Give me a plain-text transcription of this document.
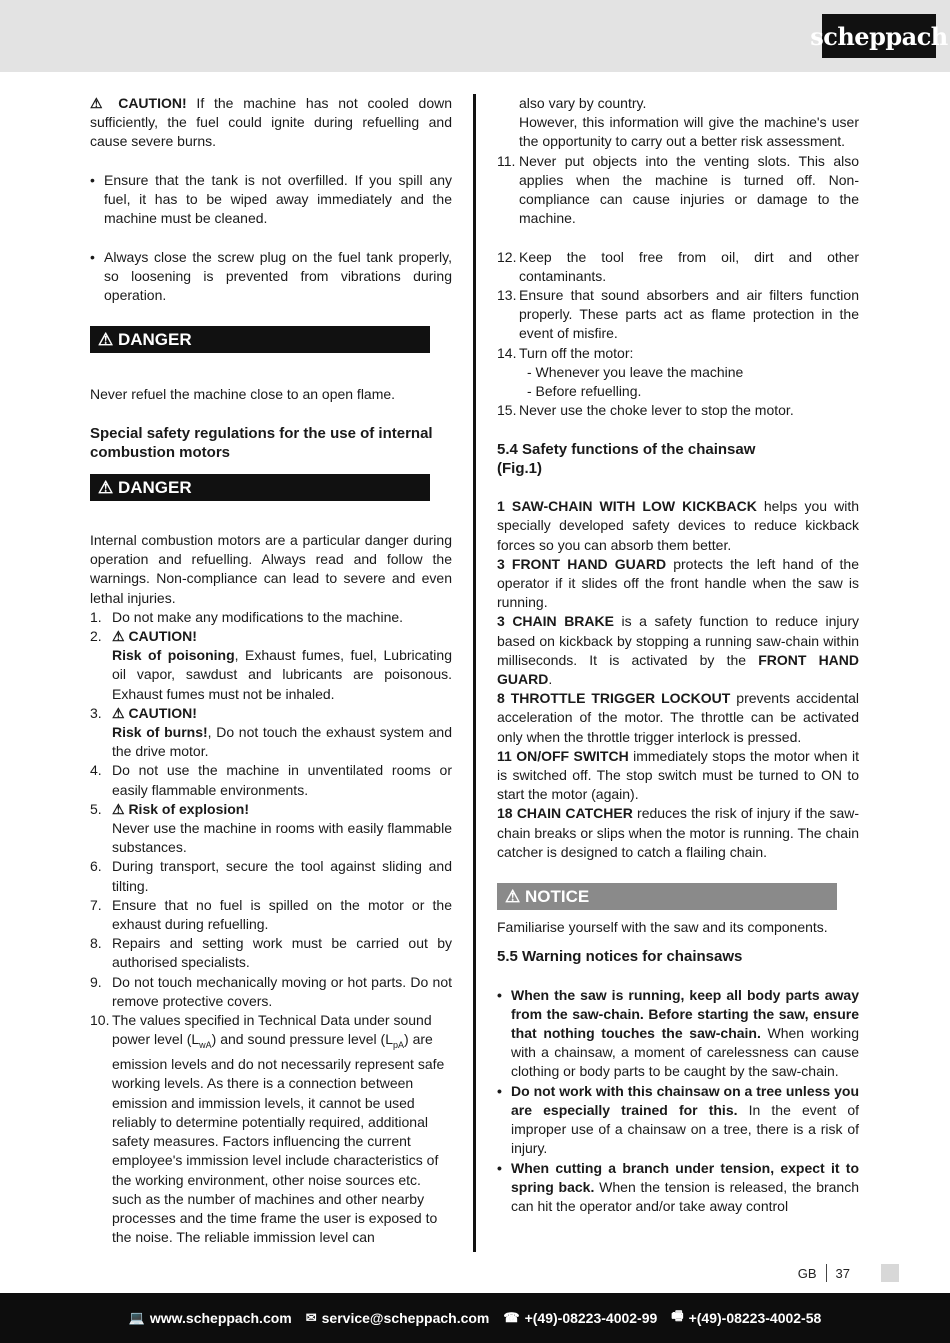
scheppach

⚠ CAUTION! If the machine has not cooled down sufficiently, the fuel could ignite during refuelling and cause severe burns.

• Ensure that the tank is not overfilled. If you spill any fuel, it has to be wiped away immediately and the machine must be cleaned.

• Always close the screw plug on the fuel tank properly, so loosening is prevented from vibrations during operation.

⚠ DANGER

Never refuel the machine close to an open flame.

Special safety regulations for the use of internal combustion motors

⚠ DANGER

Internal combustion motors are a particular danger during operation and refuelling. Always read and follow the warnings. Non-compliance can lead to severe and even lethal injuries.

1. Do not make any modifications to the machine.

2. ⚠ CAUTION!

Risk of poisoning, Exhaust fumes, fuel, Lubricating oil vapor, sawdust and lubricants are poisonous. Exhaust fumes must not be inhaled.

3. ⚠ CAUTION!

Risk of burns!, Do not touch the exhaust system and the drive motor.

4. Do not use the machine in unventilated rooms or easily flammable environments.

5. ⚠ Risk of explosion!

Never use the machine in rooms with easily flammable substances.

6. During transport, secure the tool against sliding and tilting.

7. Ensure that no fuel is spilled on the motor or the exhaust during refuelling.

8. Repairs and setting work must be carried out by authorised specialists.

9. Do not touch mechanically moving or hot parts. Do not remove protective covers.

10. The values specified in Technical Data under sound power level $(L_{wA})$ and sound pressure level $(L_{pA})$ are emission levels and do not necessarily represent safe working levels. As there is a connection between emission and immission levels, it cannot be used reliably to determine potentially required, additional safety measures. Factors influencing the current employee's immission level include characteristics of the working environment, other noise sources etc. such as the number of machines and other nearby processes and the time frame the user is exposed to the noise. The reliable immission level can

also vary by country.

However, this information will give the machine's user the opportunity to carry out a better risk assessment.

11. Never put objects into the venting slots. This also applies when the machine is turned off. Non-compliance can cause injuries or damage to the machine.

12. Keep the tool free from oil, dirt and other contaminants.

13. Ensure that sound absorbers and air filters function properly. These parts act as flame protection in the event of misfire.

14. Turn off the motor:

- Whenever you leave the machine

- Before refuelling.

15. Never use the choke lever to stop the motor.

5.4 Safety functions of the chainsaw (Fig.1)

1 SAW-CHAIN WITH LOW KICKBACK helps you with specially developed safety devices to reduce kickback forces so you can absorb them better.

3 FRONT HAND GUARD protects the left hand of the operator if it slides off the front handle when the saw is running.

3 CHAIN BRAKE is a safety function to reduce injury based on kickback by stopping a running saw-chain within milliseconds. It is activated by the FRONT HAND GUARD.

8 THROTTLE TRIGGER LOCKOUT prevents accidental acceleration of the motor. The throttle can be activated only when the throttle trigger interlock is pressed.

11 ON/OFF SWITCH immediately stops the motor when it is switched off. The stop switch must be turned to ON to start the motor (again).

18 CHAIN CATCHER reduces the risk of injury if the saw-chain breaks or slips when the motor is running. The chain catcher is designed to catch a flailing chain.

⚠ NOTICE

Familiarise yourself with the saw and its components.

5.5 Warning notices for chainsaws

• When the saw is running, keep all body parts away from the saw-chain. Before starting the saw, ensure that nothing touches the saw-chain. When working with a chainsaw, a moment of carelessness can cause clothing or body parts to be caught by the saw-chain.

• Do not work with this chainsaw on a tree unless you are especially trained for this. In the event of improper use of a chainsaw on a tree, there is a risk of injury.

• When cutting a branch under tension, expect it to spring back. When the tension is released, the branch can hit the operator and/or take away control

GB 37
💻 www.scheppach.com ✉ service@scheppach.com ☎ +(49)-08223-4002-99 🖷 +(49)-08223-4002-58
